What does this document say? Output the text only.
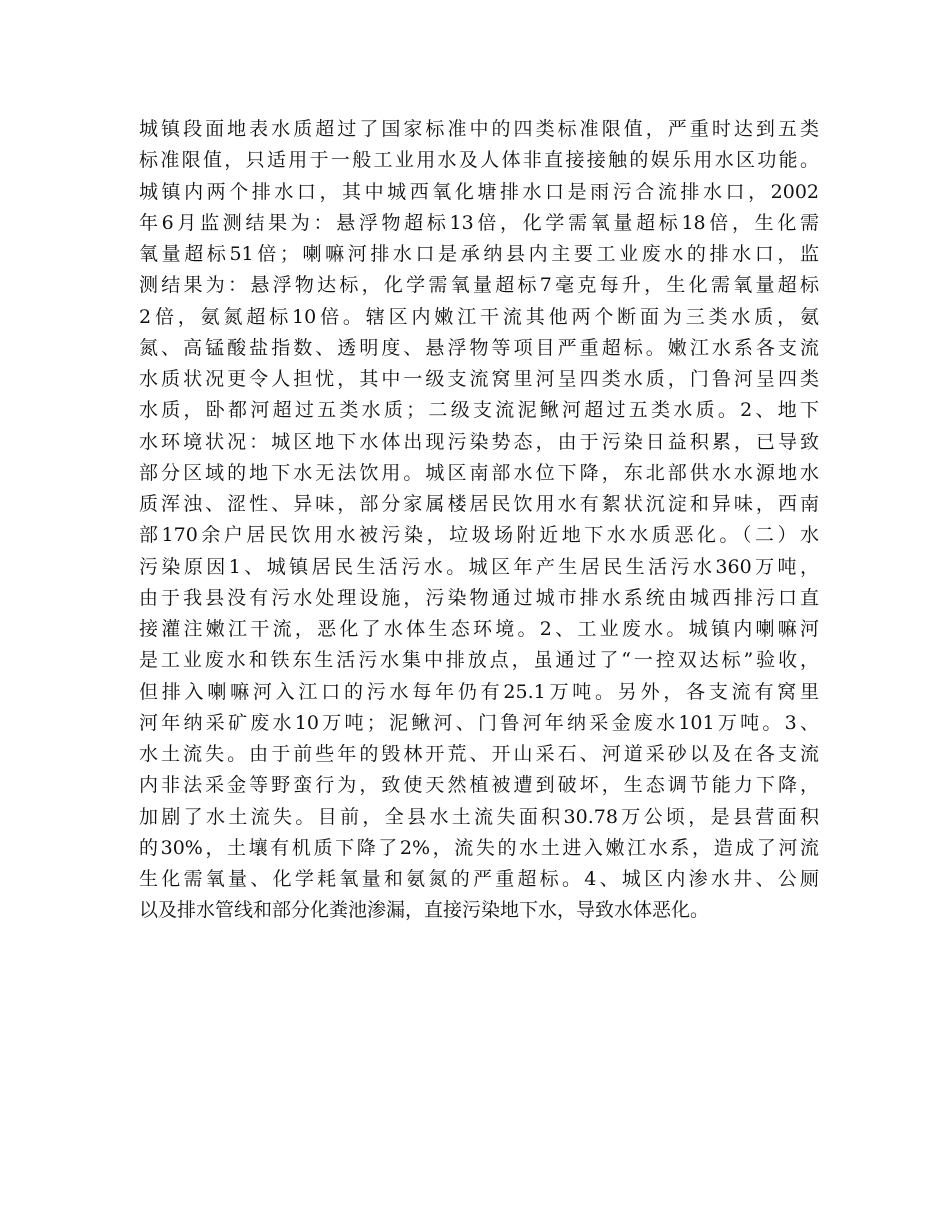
城镇段面地表水质超过了国家标准中的四类标准限值，严重时达到五类
标准限值，只适用于一般工业用水及人体非直接接触的娱乐用水区功能。
城镇内两个排水口，其中城西氧化塘排水口是雨污合流排水口，2002
年6月监测结果为：悬浮物超标13倍，化学需氧量超标18倍，生化需
氧量超标51倍；喇嘛河排水口是承纳县内主要工业废水的排水口，监
测结果为：悬浮物达标，化学需氧量超标7毫克每升，生化需氧量超标
2倍，氨氮超标10倍。辖区内嫩江干流其他两个断面为三类水质，氨
氮、高锰酸盐指数、透明度、悬浮物等项目严重超标。嫩江水系各支流
水质状况更令人担忧，其中一级支流窝里河呈四类水质，门鲁河呈四类
水质，卧都河超过五类水质；二级支流泥鳅河超过五类水质。2、地下
水环境状况：城区地下水体出现污染势态，由于污染日益积累，已导致
部分区域的地下水无法饮用。城区南部水位下降，东北部供水水源地水
质浑浊、涩性、异味，部分家属楼居民饮用水有絮状沉淀和异味，西南
部170余户居民饮用水被污染，垃圾场附近地下水水质恶化。（二）水
污染原因1、城镇居民生活污水。城区年产生居民生活污水360万吨，
由于我县没有污水处理设施，污染物通过城市排水系统由城西排污口直
接灌注嫩江干流，恶化了水体生态环境。2、工业废水。城镇内喇嘛河
是工业废水和铁东生活污水集中排放点，虽通过了“一控双达标”验收，
但排入喇嘛河入江口的污水每年仍有25.1万吨。另外，各支流有窝里
河年纳采矿废水10万吨；泥鳅河、门鲁河年纳采金废水101万吨。3、
水土流失。由于前些年的毁林开荒、开山采石、河道采砂以及在各支流
内非法采金等野蛮行为，致使天然植被遭到破坏，生态调节能力下降，
加剧了水土流失。目前，全县水土流失面积30.78万公顷，是县营面积
的30%，土壤有机质下降了2%，流失的水土进入嫩江水系，造成了河流
生化需氧量、化学耗氧量和氨氮的严重超标。4、城区内渗水井、公厕
以及排水管线和部分化粪池渗漏，直接污染地下水，导致水体恶化。
